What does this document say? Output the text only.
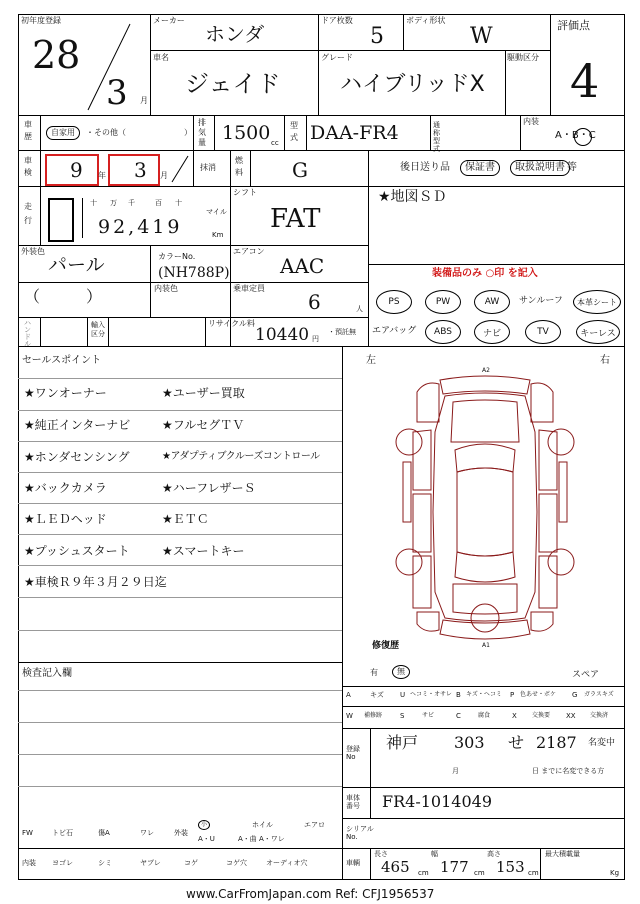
初年度登録
28
3 月
メーカー
ホンダ
ドア枚数
5
ボディ形状
W	評価点
4
車名
ジェイド
グレード
ハイブリッドX
駆動区分
車歴	自家用	・その他（	）
排気量 1500 cc
型式 DAA-FR4	通称型式
内装
A・B・C
車検 9 年 3 月
抹消
燃料 G	後日送り品	保証書	取扱説明書 等
走行
十 万 千	百 十
92,419
マイル
Km
シフト
FAT
★地図ＳＤ
外装色
パール	カラーNo.
(NH788P)
エアコン
AAC	装備品のみ ○印 を記入
（	）	内装色	乗車定員
6	人
ハンドル
輸入区分
リサイクル料
10440 円
・預託無
PS	PW	AW	サンルーフ	本革シート
エアバッグ	ABS	ナビ	TV	キーレス
セールスポイント
★ワンオーナー	★ユーザー買取
★純正インターナビ	★フルセグＴＶ
★ホンダセンシング	★アダプティブクルーズコントロール
★バックカメラ	★ハーフレザーＳ
★ＬＥＤヘッド	★ＥＴＣ
★プッシュスタート	★スマートキー
★車検Ｒ９年３月２９日迄
検査記入欄
左	右
A2
A1
修復歴
有	無	スペア
A	キズ U ヘコミ・オサレ B キズ・ヘコミ P 色あせ・ボケ G ガラスキズ
W 補修跡	S	サビ	C	腐食	X	交換要 XX 交換済
登録No
神戸 303 せ 2187 名変中
月	日 までに名変できる方
車体番号	FR4-1014049
FW	トビ石	傷A	ワレ	外装
小
A・U
ホイル
A・曲 A・ワレ
エアロ	シリアルNo.
内装 ヨゴレ	シミ	ヤブレ	コゲ	コゲ穴	オーディオ穴	車輌
長さ
465 cm
幅
177 cm
高さ
153 cm
最大積載量
Kg
www.CarFromJapan.com Ref: CFJ1956537
